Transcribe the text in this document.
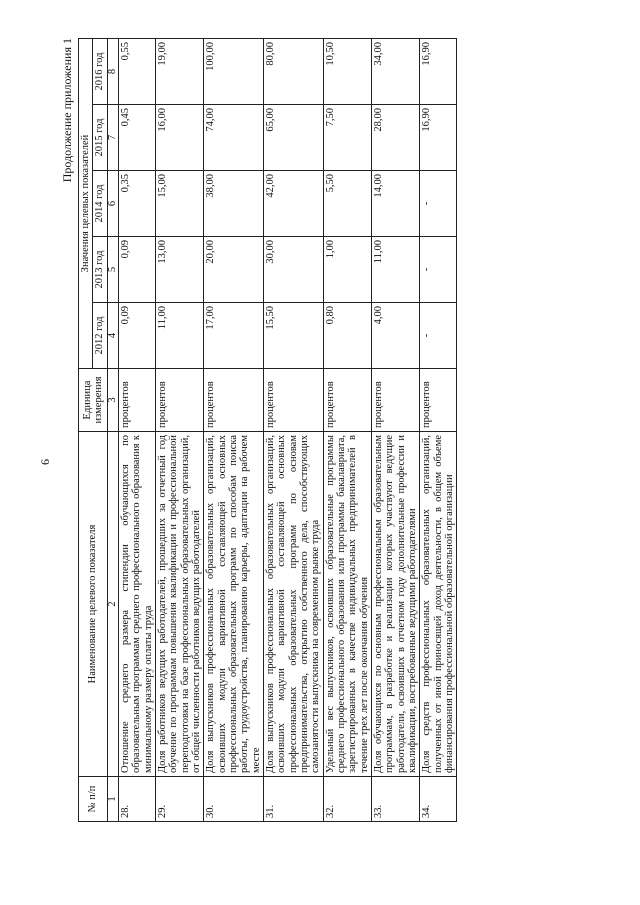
6
Продолжение приложения 1
№ п/п	Наименование целевого показателя	Единица измерения	Значения целевых показателей				
			2012 год	2013 год	2014 год	2015 год	2016 год
1	2	3	4	5	6	7	8
28.	Отношение среднего размера стипендии обучающихся по образовательным программам среднего профессионального образования к минимальному размеру оплаты труда	процентов	0,09	0,09	0,35	0,45	0,55
29.	Доля работников ведущих работодателей, прошедших за отчетный год обучение по программам повышения квалификации и профессиональной переподготовки на базе профессиональных образовательных организаций, от общей численности работников ведущих работодателей	процентов	11,00	13,00	15,00	16,00	19,00
30.	Доля выпускников профессиональных образовательных организаций, освоивших модули вариативной составляющей основных профессиональных образовательных программ по способам поиска работы, трудоустройства, планированию карьеры, адаптации на рабочем месте	процентов	17,00	20,00	38,00	74,00	100,00
31.	Доля выпускников профессиональных образовательных организаций, освоивших модули вариативной составляющей основных профессиональных образовательных программ по основам предпринимательства, открытию собственного дела, способствующих самозанятости выпускника на современном рынке труда	процентов	15,50	30,00	42,00	65,00	80,00
32.	Удельный вес выпускников, освоивших образовательные программы среднего профессионального образования или программы бакалавриата, зарегистрированных в качестве индивидуальных предпринимателей в течение трех лет после окончания обучения	процентов	0,80	1,00	5,50	7,50	10,50
33.	Доля обучающихся по основным профессиональным образовательным программам, в разработке и реализации которых участвуют ведущие работодатели, освоивших в отчетном году дополнительные профессии и квалификации, востребованные ведущими работодателями	процентов	4,00	11,00	14,00	28,00	34,00
34.	Доля средств профессиональных образовательных организаций, полученных от иной приносящей доход деятельности, в общем объеме финансирования профессиональной образовательной организации	процентов	-	-	-	16,90	16,90
